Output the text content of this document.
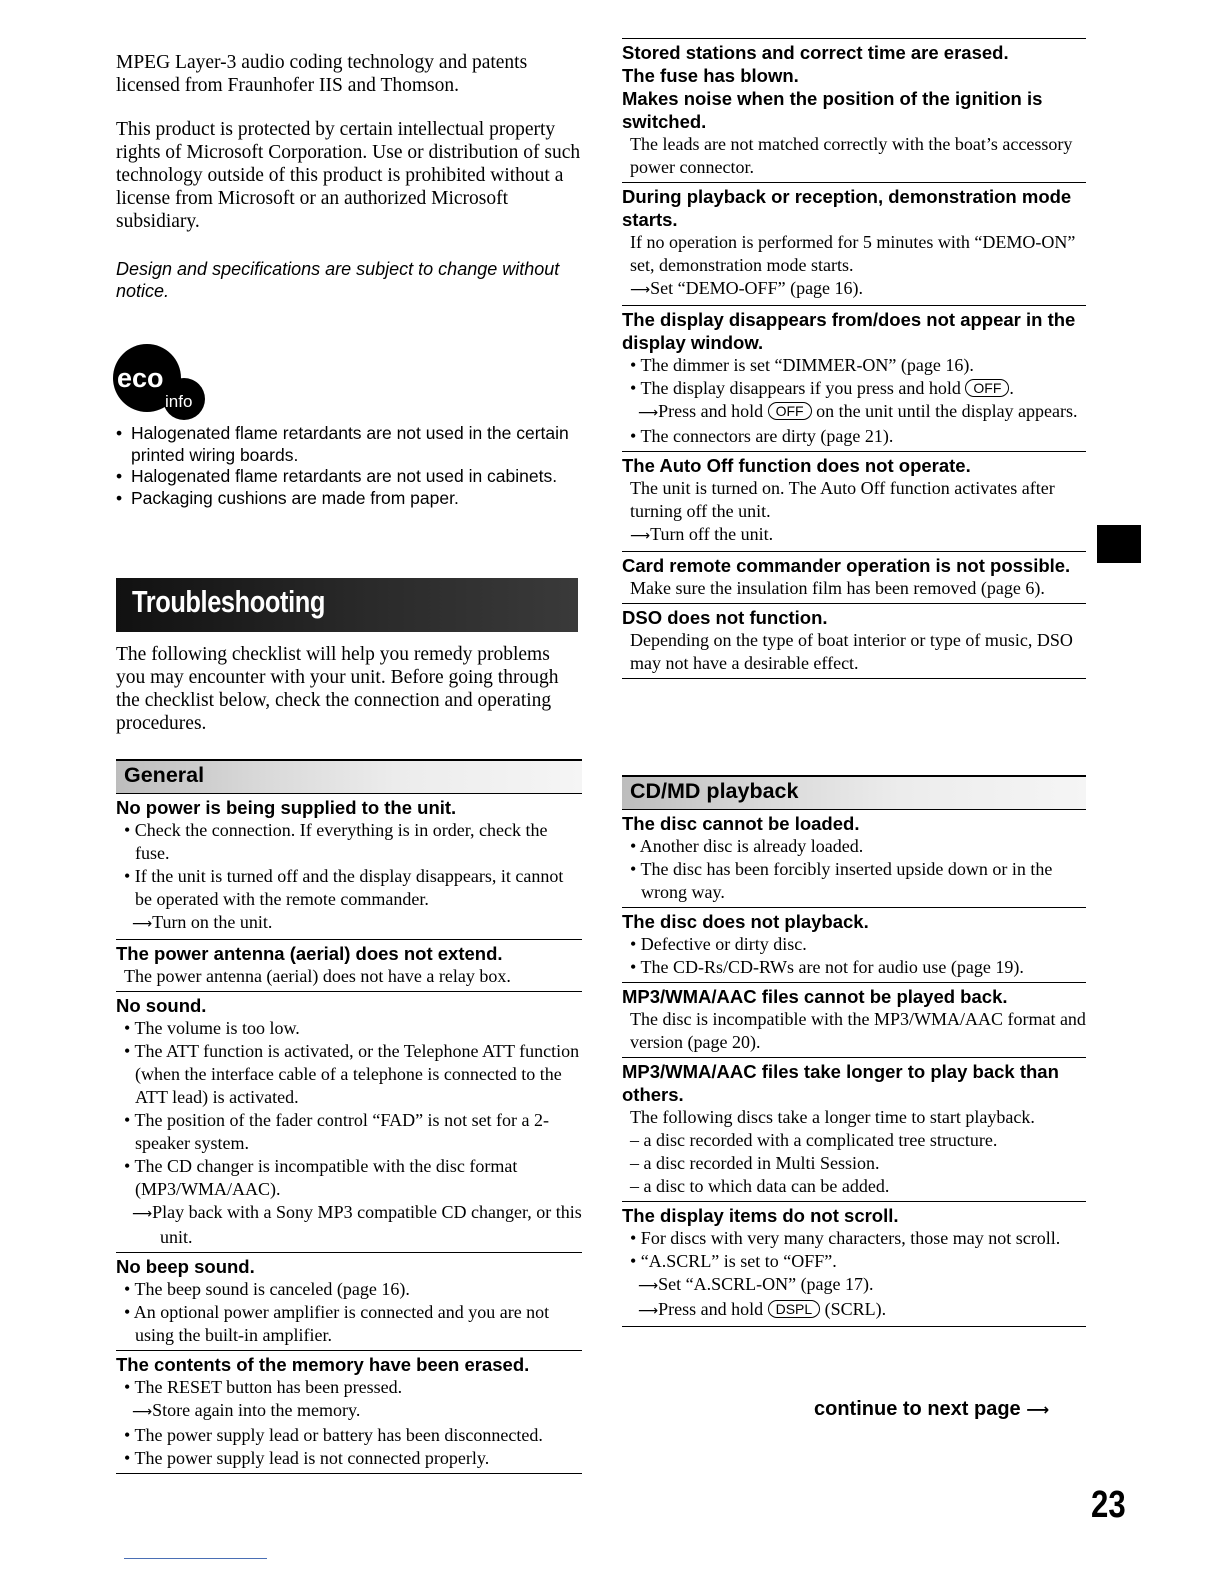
MPEG Layer-3 audio coding technology and patents licensed from Fraunhofer IIS and Thomson.

This product is protected by certain intellectual property rights of Microsoft Corporation. Use or distribution of such technology outside of this product is prohibited without a license from Microsoft or an authorized Microsoft subsidiary.

Design and specifications are subject to change without notice.

eco
info
• Halogenated flame retardants are not used in the certain printed wiring boards.
• Halogenated flame retardants are not used in cabinets.
• Packaging cushions are made from paper.
Troubleshooting

The following checklist will help you remedy problems you may encounter with your unit. Before going through the checklist below, check the connection and operating procedures.

General

No power is being supplied to the unit.

• Check the connection. If everything is in order, check the fuse.

• If the unit is turned off and the display disappears, it cannot be operated with the remote commander.

⟶Turn on the unit.

The power antenna (aerial) does not extend.

The power antenna (aerial) does not have a relay box.

No sound.

• The volume is too low.

• The ATT function is activated, or the Telephone ATT function (when the interface cable of a telephone is connected to the ATT lead) is activated.

• The position of the fader control “FAD” is not set for a 2-speaker system.

• The CD changer is incompatible with the disc format (MP3/WMA/AAC).

⟶Play back with a Sony MP3 compatible CD changer, or this unit.

No beep sound.

• The beep sound is canceled (page 16).

• An optional power amplifier is connected and you are not using the built-in amplifier.

The contents of the memory have been erased.

• The RESET button has been pressed.

⟶Store again into the memory.

• The power supply lead or battery has been disconnected.

• The power supply lead is not connected properly.

Stored stations and correct time are erased.

The fuse has blown.

Makes noise when the position of the ignition is switched.

The leads are not matched correctly with the boat’s accessory power connector.

During playback or reception, demonstration mode starts.

If no operation is performed for 5 minutes with “DEMO-ON” set, demonstration mode starts.

⟶Set “DEMO-OFF” (page 16).

The display disappears from/does not appear in the display window.

• The dimmer is set “DIMMER-ON” (page 16).

• The display disappears if you press and hold OFF .

⟶Press and hold OFF on the unit until the display appears.

• The connectors are dirty (page 21).

The Auto Off function does not operate.

The unit is turned on. The Auto Off function activates after turning off the unit.

⟶Turn off the unit.

Card remote commander operation is not possible.

Make sure the insulation film has been removed (page 6).

DSO does not function.

Depending on the type of boat interior or type of music, DSO may not have a desirable effect.

CD/MD playback

The disc cannot be loaded.

• Another disc is already loaded.

• The disc has been forcibly inserted upside down or in the wrong way.

The disc does not playback.

• Defective or dirty disc.

• The CD-Rs/CD-RWs are not for audio use (page 19).

MP3/WMA/AAC files cannot be played back.

The disc is incompatible with the MP3/WMA/AAC format and version (page 20).

MP3/WMA/AAC files take longer to play back than others.

The following discs take a longer time to start playback.

– a disc recorded with a complicated tree structure.

– a disc recorded in Multi Session.

– a disc to which data can be added.

The display items do not scroll.

• For discs with very many characters, those may not scroll.

• “A.SCRL” is set to “OFF”.

⟶Set “A.SCRL-ON” (page 17).

⟶Press and hold DSPL (SCRL).

continue to next page ⟶
23
